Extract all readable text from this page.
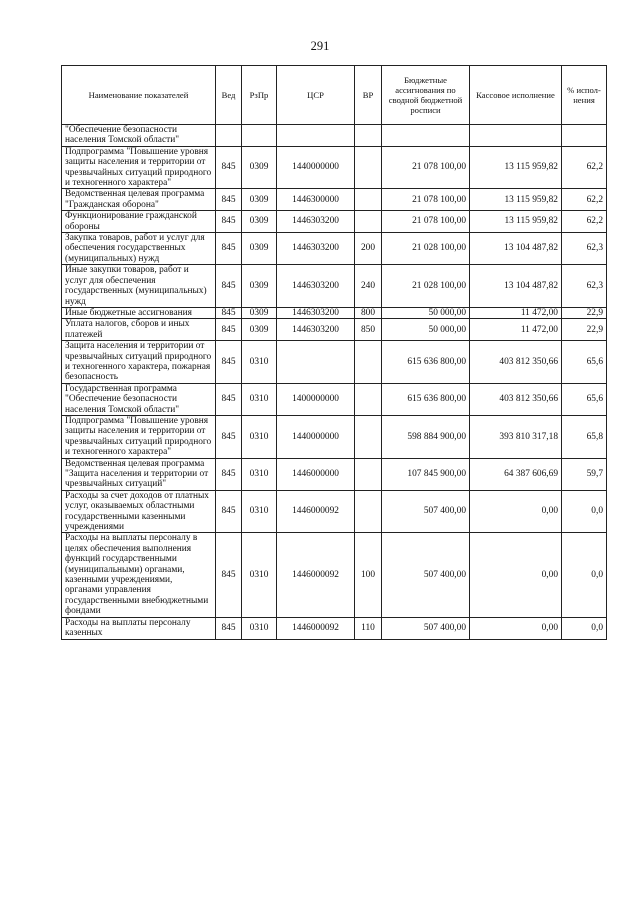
291
Наименование показателей	Вед	РзПр	ЦСР	ВР	Бюджетные ассигнования по сводной бюджетной росписи	Кассовое исполнение	% испол-нения
"Обеспечение безопасности населения Томской области"							
Подпрограмма "Повышение уровня защиты населения и территории от чрезвычайных ситуаций природного и техногенного характера"	845	0309	1440000000		21 078 100,00	13 115 959,82	62,2
Ведомственная целевая программа "Гражданская оборона"	845	0309	1446300000		21 078 100,00	13 115 959,82	62,2
Функционирование гражданской обороны	845	0309	1446303200		21 078 100,00	13 115 959,82	62,2
Закупка товаров, работ и услуг для обеспечения государственных (муниципальных) нужд	845	0309	1446303200	200	21 028 100,00	13 104 487,82	62,3
Иные закупки товаров, работ и услуг для обеспечения государственных (муниципальных) нужд	845	0309	1446303200	240	21 028 100,00	13 104 487,82	62,3
Иные бюджетные ассигнования	845	0309	1446303200	800	50 000,00	11 472,00	22,9
Уплата налогов, сборов и иных платежей	845	0309	1446303200	850	50 000,00	11 472,00	22,9
Защита населения и территории от чрезвычайных ситуаций природного и техногенного характера, пожарная безопасность	845	0310			615 636 800,00	403 812 350,66	65,6
Государственная программа "Обеспечение безопасности населения Томской области"	845	0310	1400000000		615 636 800,00	403 812 350,66	65,6
Подпрограмма "Повышение уровня защиты населения и территории от чрезвычайных ситуаций природного и техногенного характера"	845	0310	1440000000		598 884 900,00	393 810 317,18	65,8
Ведомственная целевая программа "Защита населения и территории от чрезвычайных ситуаций"	845	0310	1446000000		107 845 900,00	64 387 606,69	59,7
Расходы за счет доходов от платных услуг, оказываемых областными государственными казенными учреждениями	845	0310	1446000092		507 400,00	0,00	0,0
Расходы на выплаты персоналу в целях обеспечения выполнения функций государственными (муниципальными) органами, казенными учреждениями, органами управления государственными внебюджетными фондами	845	0310	1446000092	100	507 400,00	0,00	0,0
Расходы на выплаты персоналу казенных	845	0310	1446000092	110	507 400,00	0,00	0,0
